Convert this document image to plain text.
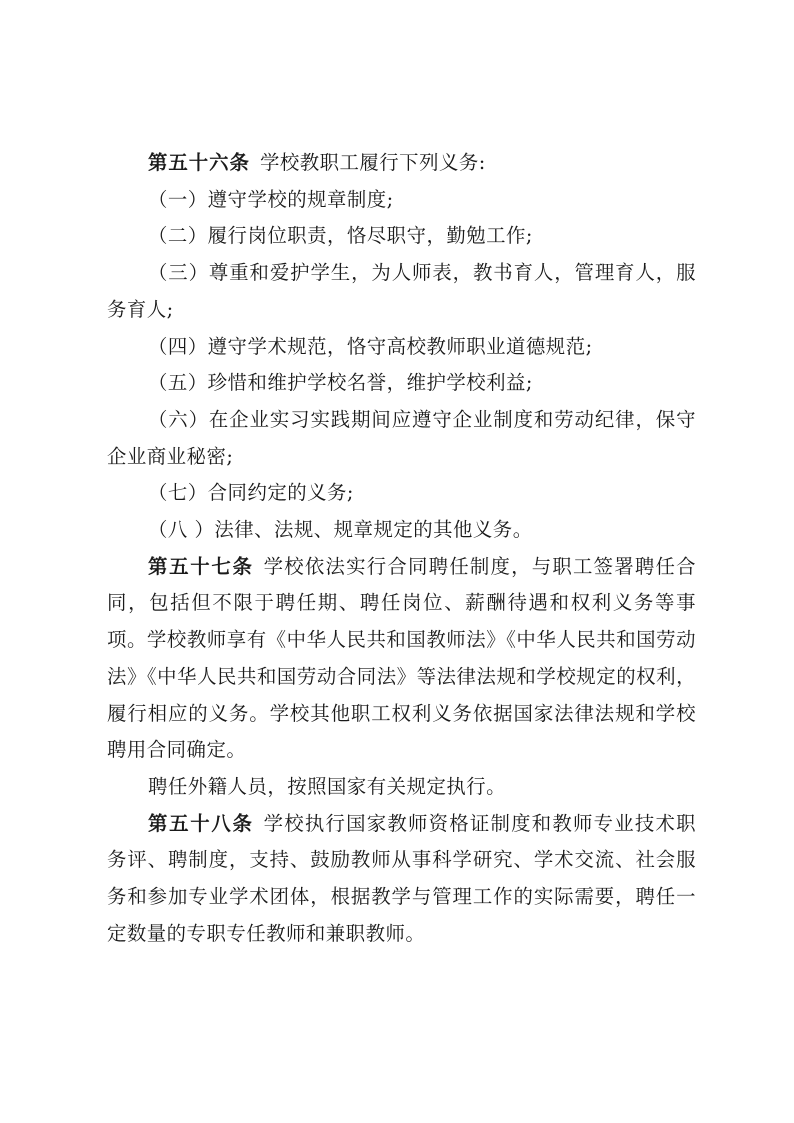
第五十六条 学校教职工履行下列义务:

（一）遵守学校的规章制度;

（二）履行岗位职责，恪尽职守，勤勉工作;

（三）尊重和爱护学生，为人师表，教书育人，管理育人，服务育人;

（四）遵守学术规范，恪守高校教师职业道德规范;

（五）珍惜和维护学校名誉，维护学校利益;

（六）在企业实习实践期间应遵守企业制度和劳动纪律，保守企业商业秘密;

（七）合同约定的义务;

（八 ）法律、法规、规章规定的其他义务。

第五十七条 学校依法实行合同聘任制度，与职工签署聘任合同，包括但不限于聘任期、聘任岗位、薪酬待遇和权利义务等事项。学校教师享有《中华人民共和国教师法》《中华人民共和国劳动法》《中华人民共和国劳动合同法》等法律法规和学校规定的权利，履行相应的义务。学校其他职工权利义务依据国家法律法规和学校聘用合同确定。

聘任外籍人员，按照国家有关规定执行。

第五十八条 学校执行国家教师资格证制度和教师专业技术职务评、聘制度，支持、鼓励教师从事科学研究、学术交流、社会服务和参加专业学术团体，根据教学与管理工作的实际需要，聘任一定数量的专职专任教师和兼职教师。
